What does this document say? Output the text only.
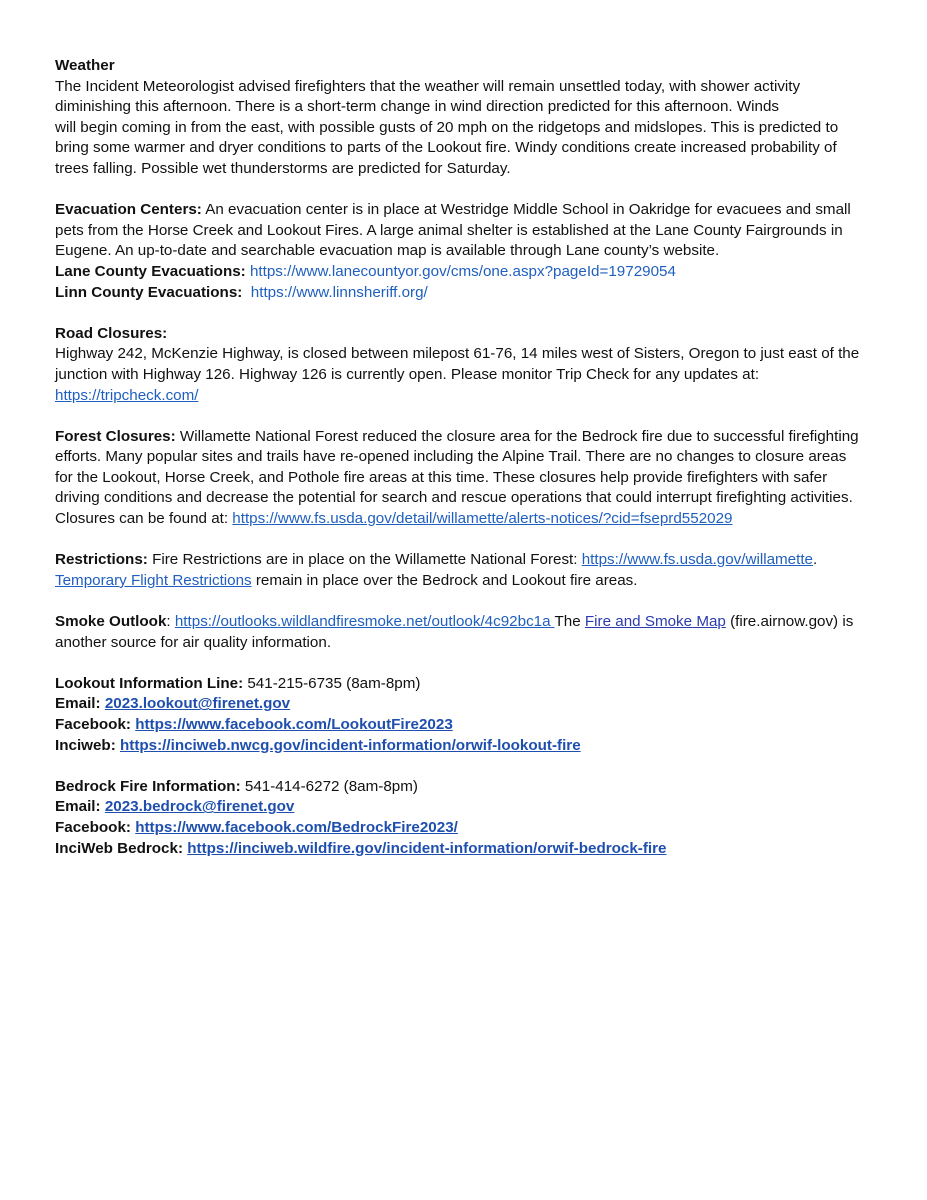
Weather
The Incident Meteorologist advised firefighters that the weather will remain unsettled today, with shower activity
diminishing this afternoon. There is a short-term change in wind direction predicted for this afternoon. Winds
will begin coming in from the east, with possible gusts of 20 mph on the ridgetops and midslopes. This is predicted to
bring some warmer and dryer conditions to parts of the Lookout fire. Windy conditions create increased probability of
trees falling. Possible wet thunderstorms are predicted for Saturday.
Evacuation Centers: An evacuation center is in place at Westridge Middle School in Oakridge for evacuees and small
pets from the Horse Creek and Lookout Fires. A large animal shelter is established at the Lane County Fairgrounds in
Eugene. An up-to-date and searchable evacuation map is available through Lane county’s website.
Lane County Evacuations: https://www.lanecountyor.gov/cms/one.aspx?pageId=19729054
Linn County Evacuations: https://www.linnsheriff.org/
Road Closures:
Highway 242, McKenzie Highway, is closed between milepost 61-76, 14 miles west of Sisters, Oregon to just east of the
junction with Highway 126. Highway 126 is currently open. Please monitor Trip Check for any updates at:
https://tripcheck.com/
Forest Closures: Willamette National Forest reduced the closure area for the Bedrock fire due to successful firefighting
efforts. Many popular sites and trails have re-opened including the Alpine Trail. There are no changes to closure areas
for the Lookout, Horse Creek, and Pothole fire areas at this time. These closures help provide firefighters with safer
driving conditions and decrease the potential for search and rescue operations that could interrupt firefighting activities.
Closures can be found at: https://www.fs.usda.gov/detail/willamette/alerts-notices/?cid=fseprd552029
Restrictions: Fire Restrictions are in place on the Willamette National Forest: https://www.fs.usda.gov/willamette.
Temporary Flight Restrictions remain in place over the Bedrock and Lookout fire areas.
Smoke Outlook: https://outlooks.wildlandfiresmoke.net/outlook/4c92bc1a The Fire and Smoke Map (fire.airnow.gov) is
another source for air quality information.
Lookout Information Line: 541-215-6735 (8am-8pm)
Email: 2023.lookout@firenet.gov
Facebook: https://www.facebook.com/LookoutFire2023
Inciweb: https://inciweb.nwcg.gov/incident-information/orwif-lookout-fire
Bedrock Fire Information: 541-414-6272 (8am-8pm)
Email: 2023.bedrock@firenet.gov
Facebook: https://www.facebook.com/BedrockFire2023/
InciWeb Bedrock: https://inciweb.wildfire.gov/incident-information/orwif-bedrock-fire
